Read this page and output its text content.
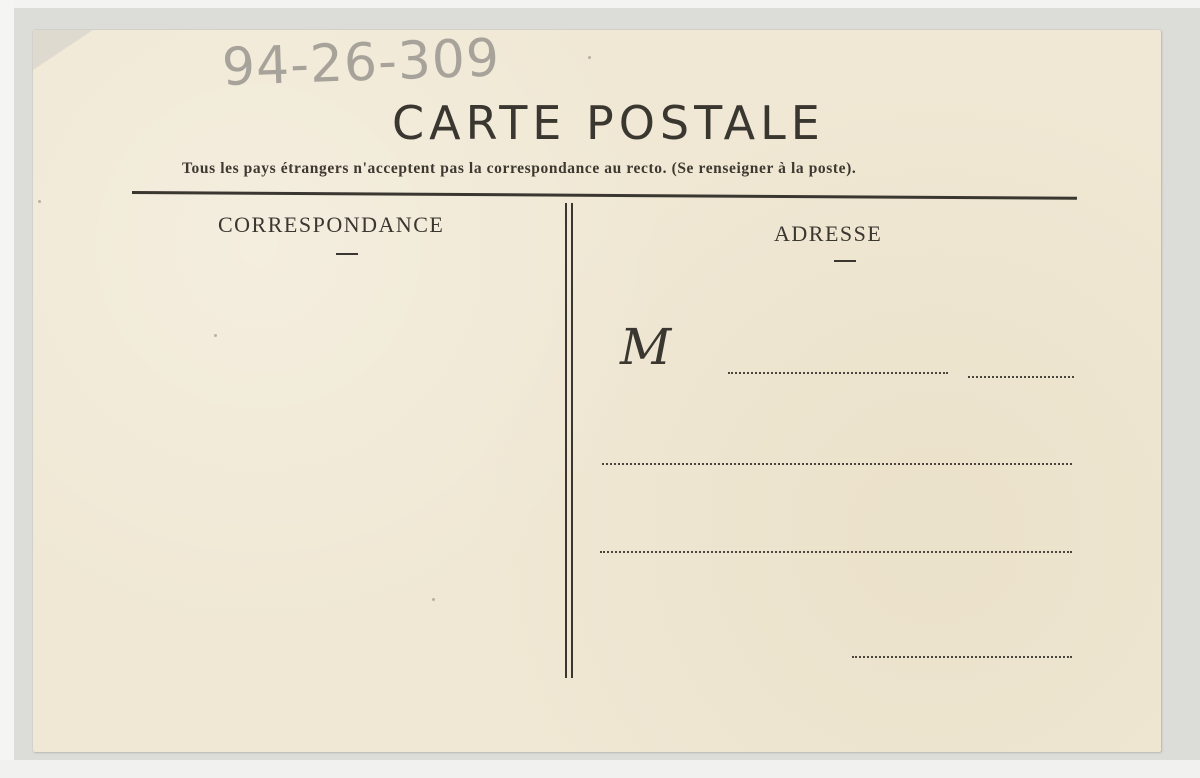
94-26-309
CARTE POSTALE
Tous les pays étrangers n'acceptent pas la correspondance au recto. (Se renseigner à la poste).
CORRESPONDANCE	ADRESSE
M
